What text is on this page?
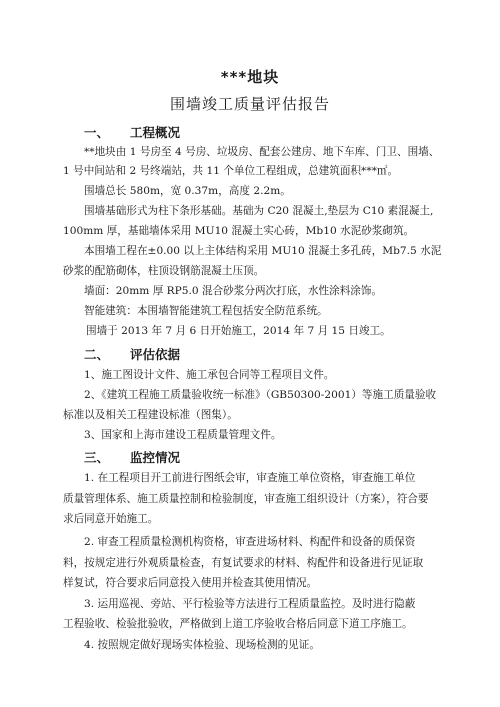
***地块
围墙竣工质量评估报告
一、 工程概况
**地块由 1 号房至 4 号房、垃圾房、配套公建房、地下车库、门卫、围墙、
1 号中间站和 2 号终端站，共 11 个单位工程组成，总建筑面积***㎡。
围墙总长 580m，宽 0.37m，高度 2.2m。
围墙基础形式为柱下条形基础。基础为 C20 混凝土,垫层为 C10 素混凝土,
100mm 厚，基础墙体采用 MU10 混凝土实心砖，Mb10 水泥砂浆砌筑。
本围墙工程在±0.00 以上主体结构采用 MU10 混凝土多孔砖，Mb7.5 水泥
砂浆的配筋砌体，柱顶设钢筋混凝土压顶。
墙面：20mm 厚 RP5.0 混合砂浆分两次打底，水性涂料涂饰。
智能建筑：本围墙智能建筑工程包括安全防范系统。
围墙于 2013 年 7 月 6 日开始施工，2014 年 7 月 15 日竣工。
二、 评估依据
1、施工图设计文件、施工承包合同等工程项目文件。
2、《建筑工程施工质量验收统一标准》（GB50300-2001）等施工质量验收
标准以及相关工程建设标准（图集）。
3、国家和上海市建设工程质量管理文件。
三、 监控情况
1. 在工程项目开工前进行图纸会审，审查施工单位资格，审查施工单位
质量管理体系、施工质量控制和检验制度，审查施工组织设计（方案），符合要
求后同意开始施工。
2. 审查工程质量检测机构资格，审查进场材料、构配件和设备的质保资
料，按规定进行外观质量检查，有复试要求的材料、构配件和设备进行见证取
样复试，符合要求后同意投入使用并检查其使用情况。
3. 运用巡视、旁站、平行检验等方法进行工程质量监控。及时进行隐蔽
工程验收、检验批验收，严格做到上道工序验收合格后同意下道工序施工。
4. 按照规定做好现场实体检验、现场检测的见证。
